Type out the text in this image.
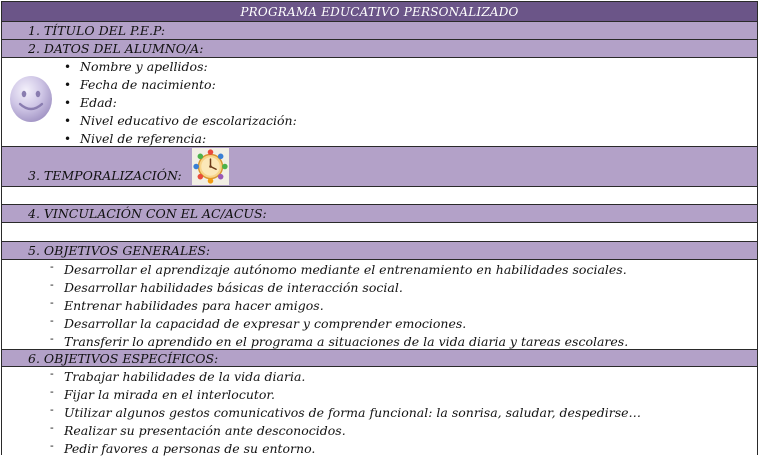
PROGRAMA EDUCATIVO PERSONALIZADO
1. TÍTULO DEL P.E.P:
2. DATOS DEL ALUMNO/A:
• Nombre y apellidos:
• Fecha de nacimiento:
• Edad:
• Nivel educativo de escolarización:
• Nivel de referencia:
3. TEMPORALIZACIÓN:
4. VINCULACIÓN CON EL AC/ACUS:
5. OBJETIVOS GENERALES:
- Desarrollar el aprendizaje autónomo mediante el entrenamiento en habilidades sociales.
- Desarrollar habilidades básicas de interacción social.
- Entrenar habilidades para hacer amigos.
- Desarrollar la capacidad de expresar y comprender emociones.
- Transferir lo aprendido en el programa a situaciones de la vida diaria y tareas escolares.
6. OBJETIVOS ESPECÍFICOS:
- Trabajar habilidades de la vida diaria.
- Fijar la mirada en el interlocutor.
- Utilizar algunos gestos comunicativos de forma funcional: la sonrisa, saludar, despedirse…
- Realizar su presentación ante desconocidos.
- Pedir favores a personas de su entorno.
